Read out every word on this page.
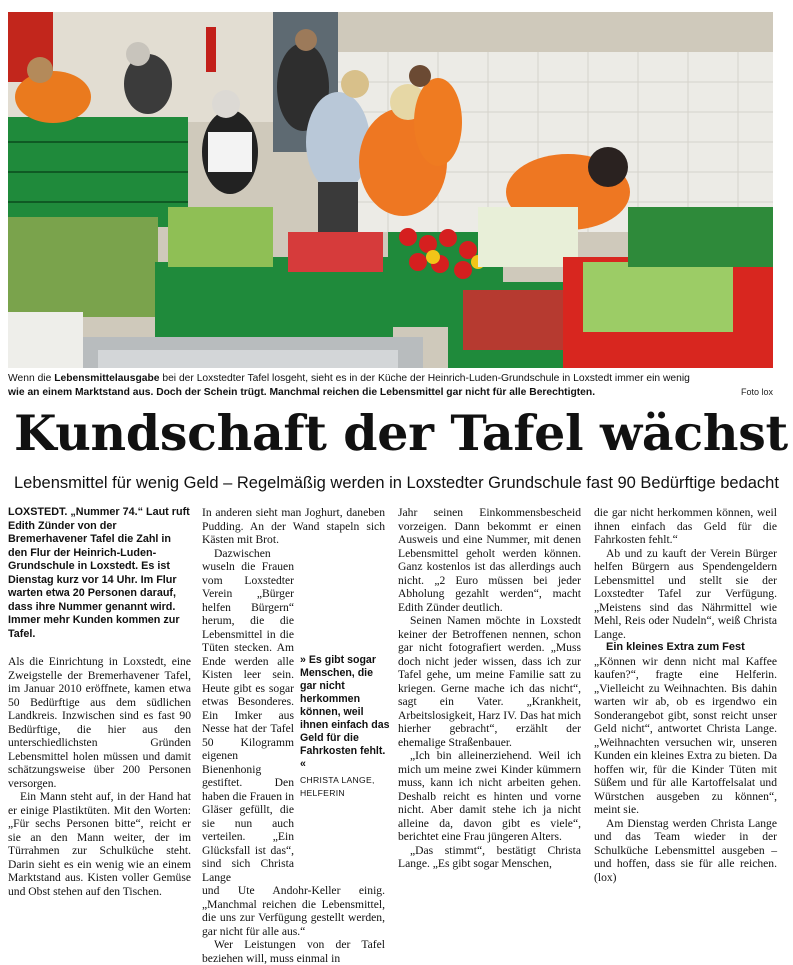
Wenn die Lebensmittelausgabe bei der Loxstedter Tafel losgeht, sieht es in der Küche der Heinrich-Luden-Grundschule in Loxstedt immer ein wenig
wie an einem Marktstand aus. Doch der Schein trügt. Manchmal reichen die Lebensmittel gar nicht für alle Berechtigten.	Foto lox
Kundschaft der Tafel wächst
Lebensmittel für wenig Geld – Regelmäßig werden in Loxstedter Grundschule fast 90 Bedürftige bedacht

LOXSTEDT. „Nummer 74.“ Laut ruft Edith Zünder von der Bremerhavener Tafel die Zahl in den Flur der Heinrich-Luden-Grundschule in Loxstedt. Es ist Dienstag kurz vor 14 Uhr. Im Flur warten etwa 20 Personen darauf, dass ihre Nummer genannt wird. Immer mehr Kunden kommen zur Tafel.

Als die Einrichtung in Loxstedt, eine Zweigstelle der Bremerhavener Tafel, im Januar 2010 eröffnete, kamen etwa 50 Bedürftige aus dem südlichen Landkreis. Inzwischen sind es fast 90 Bedürftige, die hier aus den unterschiedlichsten Gründen Lebensmittel holen müssen und damit schätzungsweise über 200 Personen versorgen.

Ein Mann steht auf, in der Hand hat er einige Plastiktüten. Mit den Worten: „Für sechs Personen bitte“, reicht er sie an den Mann weiter, der im Türrahmen zur Schulküche steht. Darin sieht es ein wenig wie an einem Marktstand aus. Kisten voller Gemüse und Obst stehen auf den Tischen.

In anderen sieht man Joghurt, daneben Pudding. An der Wand stapeln sich Kästen mit Brot.

Dazwischen wuseln die Frauen vom Loxstedter Verein „Bürger helfen Bürgern“ herum, die die Lebensmittel in die Tüten stecken. Am Ende werden alle Kisten leer sein. Heute gibt es sogar etwas Besonderes. Ein Imker aus Nesse hat der Tafel 50 Kilogramm eigenen Bienenhonig gestiftet. Den haben die Frauen in Gläser gefüllt, die sie nun auch verteilen. „Ein Glücksfall ist das“, sind sich Christa Lange

und Ute Andohr-Keller einig. „Manchmal reichen die Lebensmittel, die uns zur Verfügung gestellt werden, gar nicht für alle aus.“

Wer Leistungen von der Tafel beziehen will, muss einmal in

» Es gibt sogar Menschen, die gar nicht herkommen können, weil ihnen einfach das Geld für die Fahrkosten fehlt. «
CHRISTA LANGE, HELFERIN

Jahr seinen Einkommensbescheid vorzeigen. Dann bekommt er einen Ausweis und eine Nummer, mit denen Lebensmittel geholt werden können. Ganz kostenlos ist das allerdings auch nicht. „2 Euro müssen bei jeder Abholung gezahlt werden“, macht Edith Zünder deutlich.

Seinen Namen möchte in Loxstedt keiner der Betroffenen nennen, schon gar nicht fotografiert werden. „Muss doch nicht jeder wissen, dass ich zur Tafel gehe, um meine Familie satt zu kriegen. Gerne mache ich das nicht“, sagt ein Vater. „Krankheit, Arbeitslosigkeit, Harz IV. Das hat mich hierher gebracht“, erzählt der ehemalige Straßenbauer.

„Ich bin alleinerziehend. Weil ich mich um meine zwei Kinder kümmern muss, kann ich nicht arbeiten gehen. Deshalb reicht es hinten und vorne nicht. Aber damit stehe ich ja nicht alleine da, davon gibt es viele“, berichtet eine Frau jüngeren Alters.

„Das stimmt“, bestätigt Christa Lange. „Es gibt sogar Menschen,

die gar nicht herkommen können, weil ihnen einfach das Geld für die Fahrkosten fehlt.“

Ab und zu kauft der Verein Bürger helfen Bürgern aus Spendengeldern Lebensmittel und stellt sie der Loxstedter Tafel zur Verfügung. „Meistens sind das Nährmittel wie Mehl, Reis oder Nudeln“, weiß Christa Lange.

Ein kleines Extra zum Fest

„Können wir denn nicht mal Kaffee kaufen?“, fragte eine Helferin. „Vielleicht zu Weihnachten. Bis dahin warten wir ab, ob es irgendwo ein Sonderangebot gibt, sonst reicht unser Geld nicht“, antwortet Christa Lange. „Weihnachten versuchen wir, unseren Kunden ein kleines Extra zu bieten. Da hoffen wir, für die Kinder Tüten mit Süßem und für alle Kartoffelsalat und Würstchen ausgeben zu können“, meint sie.

Am Dienstag werden Christa Lange und das Team wieder in der Schulküche Lebensmittel ausgeben – und hoffen, dass sie für alle reichen. (lox)
